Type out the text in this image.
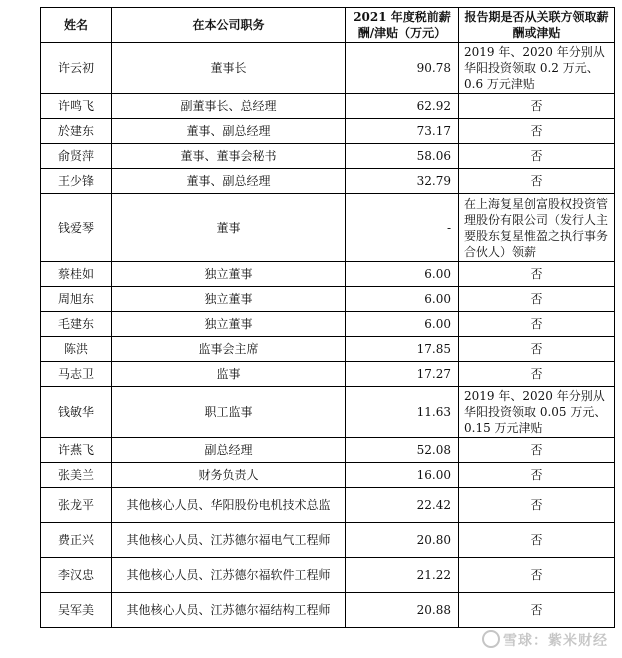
姓名	在本公司职务	2021 年度税前薪酬/津贴（万元）	报告期是否从关联方领取薪酬或津贴
许云初	董事长	90.78	2019 年、2020 年分别从华阳投资领取 0.2 万元、0.6 万元津贴
许鸣飞	副董事长、总经理	62.92	否
於建东	董事、副总经理	73.17	否
俞贤萍	董事、董事会秘书	58.06	否
王少锋	董事、副总经理	32.79	否
钱爱琴	董事	-	在上海复星创富股权投资管理股份有限公司（发行人主要股东复星惟盈之执行事务合伙人）领薪
蔡桂如	独立董事	6.00	否
周旭东	独立董事	6.00	否
毛建东	独立董事	6.00	否
陈洪	监事会主席	17.85	否
马志卫	监事	17.27	否
钱敏华	职工监事	11.63	2019 年、2020 年分别从华阳投资领取 0.05 万元、0.15 万元津贴
许燕飞	副总经理	52.08	否
张美兰	财务负责人	16.00	否
张龙平	其他核心人员、华阳股份电机技术总监	22.42	否
费正兴	其他核心人员、江苏德尔福电气工程师	20.80	否
李汉忠	其他核心人员、江苏德尔福软件工程师	21.22	否
吴军美	其他核心人员、江苏德尔福结构工程师	20.88	否
雪球：紫米财经
